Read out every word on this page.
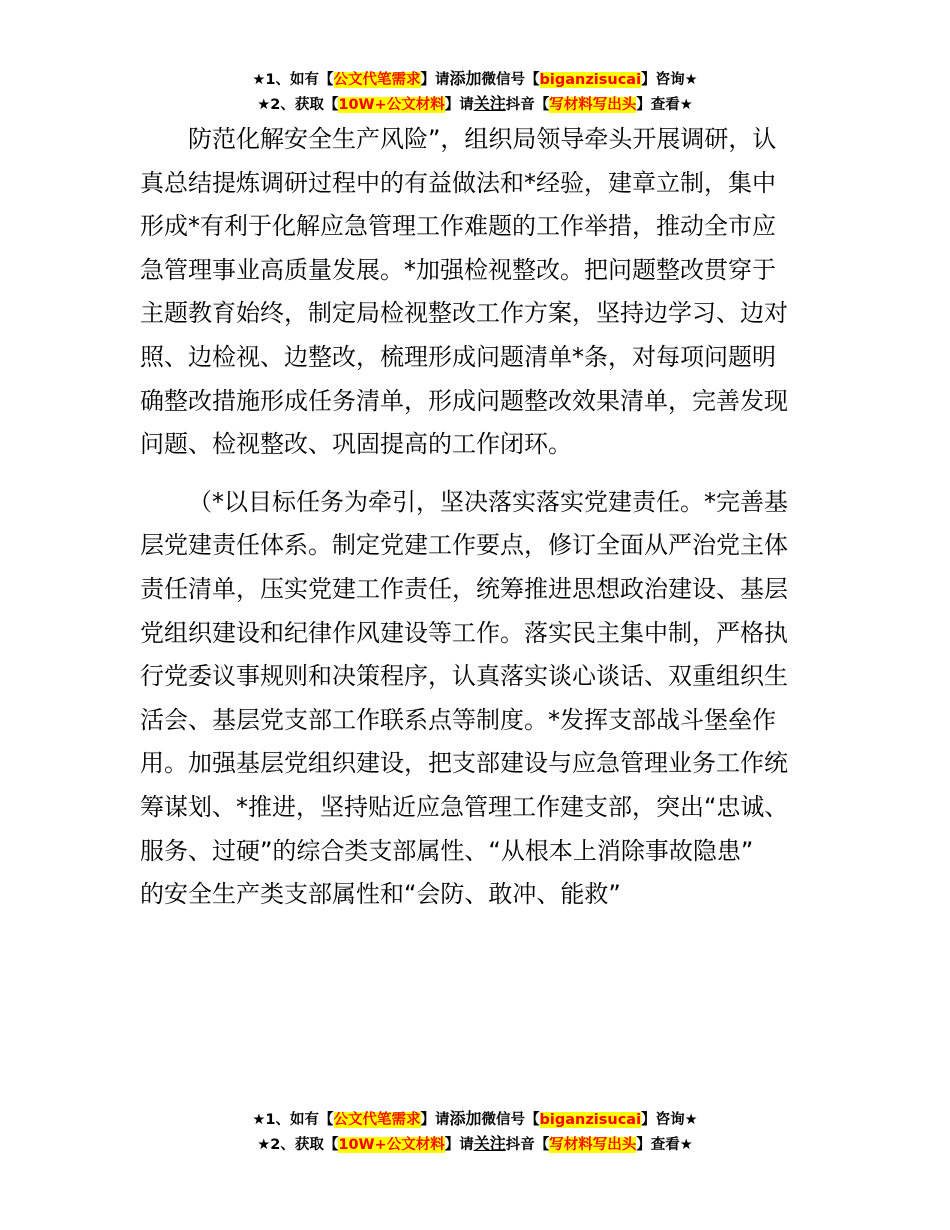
★1、如有【公文代笔需求】请添加微信号【biganzisucai】咨询★
★2、获取【10W+公文材料】请关注抖音【写材料写出头】查看★

防范化解安全生产风险”，组织局领导牵头开展调研，认
真总结提炼调研过程中的有益做法和*经验，建章立制，集中
形成*有利于化解应急管理工作难题的工作举措，推动全市应
急管理事业高质量发展。*加强检视整改。把问题整改贯穿于
主题教育始终，制定局检视整改工作方案，坚持边学习、边对
照、边检视、边整改，梳理形成问题清单*条，对每项问题明
确整改措施形成任务清单，形成问题整改效果清单，完善发现
问题、检视整改、巩固提高的工作闭环。

（*以目标任务为牵引，坚决落实落实党建责任。*完善基
层党建责任体系。制定党建工作要点，修订全面从严治党主体
责任清单，压实党建工作责任，统筹推进思想政治建设、基层
党组织建设和纪律作风建设等工作。落实民主集中制，严格执
行党委议事规则和决策程序，认真落实谈心谈话、双重组织生
活会、基层党支部工作联系点等制度。*发挥支部战斗堡垒作
用。加强基层党组织建设，把支部建设与应急管理业务工作统
筹谋划、*推进，坚持贴近应急管理工作建支部，突出“忠诚、
服务、过硬”的综合类支部属性、“从根本上消除事故隐患”
的安全生产类支部属性和“会防、敢冲、能救”

★1、如有【公文代笔需求】请添加微信号【biganzisucai】咨询★
★2、获取【10W+公文材料】请关注抖音【写材料写出头】查看★
